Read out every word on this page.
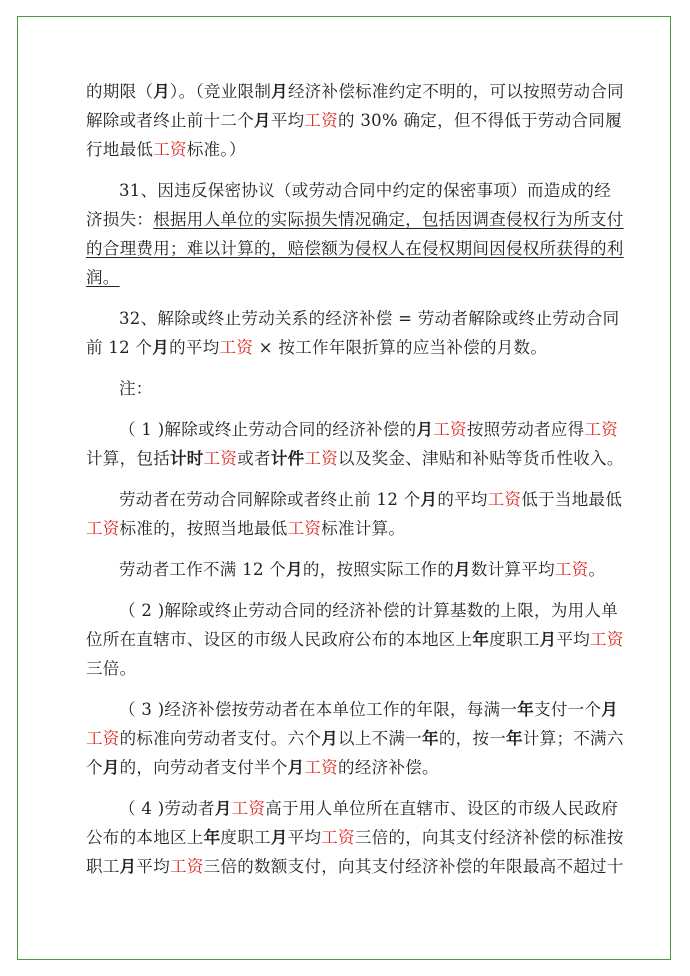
的期限（月）。（竞业限制月经济补偿标准约定不明的，可以按照劳动合同解除或者终止前十二个月平均工资的 30% 确定，但不得低于劳动合同履行地最低工资标准。）

31、因违反保密协议（或劳动合同中约定的保密事项）而造成的经济损失：根据用人单位的实际损失情况确定，包括因调查侵权行为所支付的合理费用；难以计算的，赔偿额为侵权人在侵权期间因侵权所获得的利润。

32、解除或终止劳动关系的经济补偿 = 劳动者解除或终止劳动合同前 12 个月的平均工资 × 按工作年限折算的应当补偿的月数。

注：

（ 1 )解除或终止劳动合同的经济补偿的月工资按照劳动者应得工资计算，包括计时工资或者计件工资以及奖金、津贴和补贴等货币性收入。

劳动者在劳动合同解除或者终止前 12 个月的平均工资低于当地最低工资标准的，按照当地最低工资标准计算。

劳动者工作不满 12 个月的，按照实际工作的月数计算平均工资。

（ 2 )解除或终止劳动合同的经济补偿的计算基数的上限，为用人单位所在直辖市、设区的市级人民政府公布的本地区上年度职工月平均工资三倍。

（ 3 )经济补偿按劳动者在本单位工作的年限，每满一年支付一个月工资的标准向劳动者支付。六个月以上不满一年的，按一年计算；不满六个月的，向劳动者支付半个月工资的经济补偿。

（ 4 )劳动者月工资高于用人单位所在直辖市、设区的市级人民政府公布的本地区上年度职工月平均工资三倍的，向其支付经济补偿的标准按职工月平均工资三倍的数额支付，向其支付经济补偿的年限最高不超过十
